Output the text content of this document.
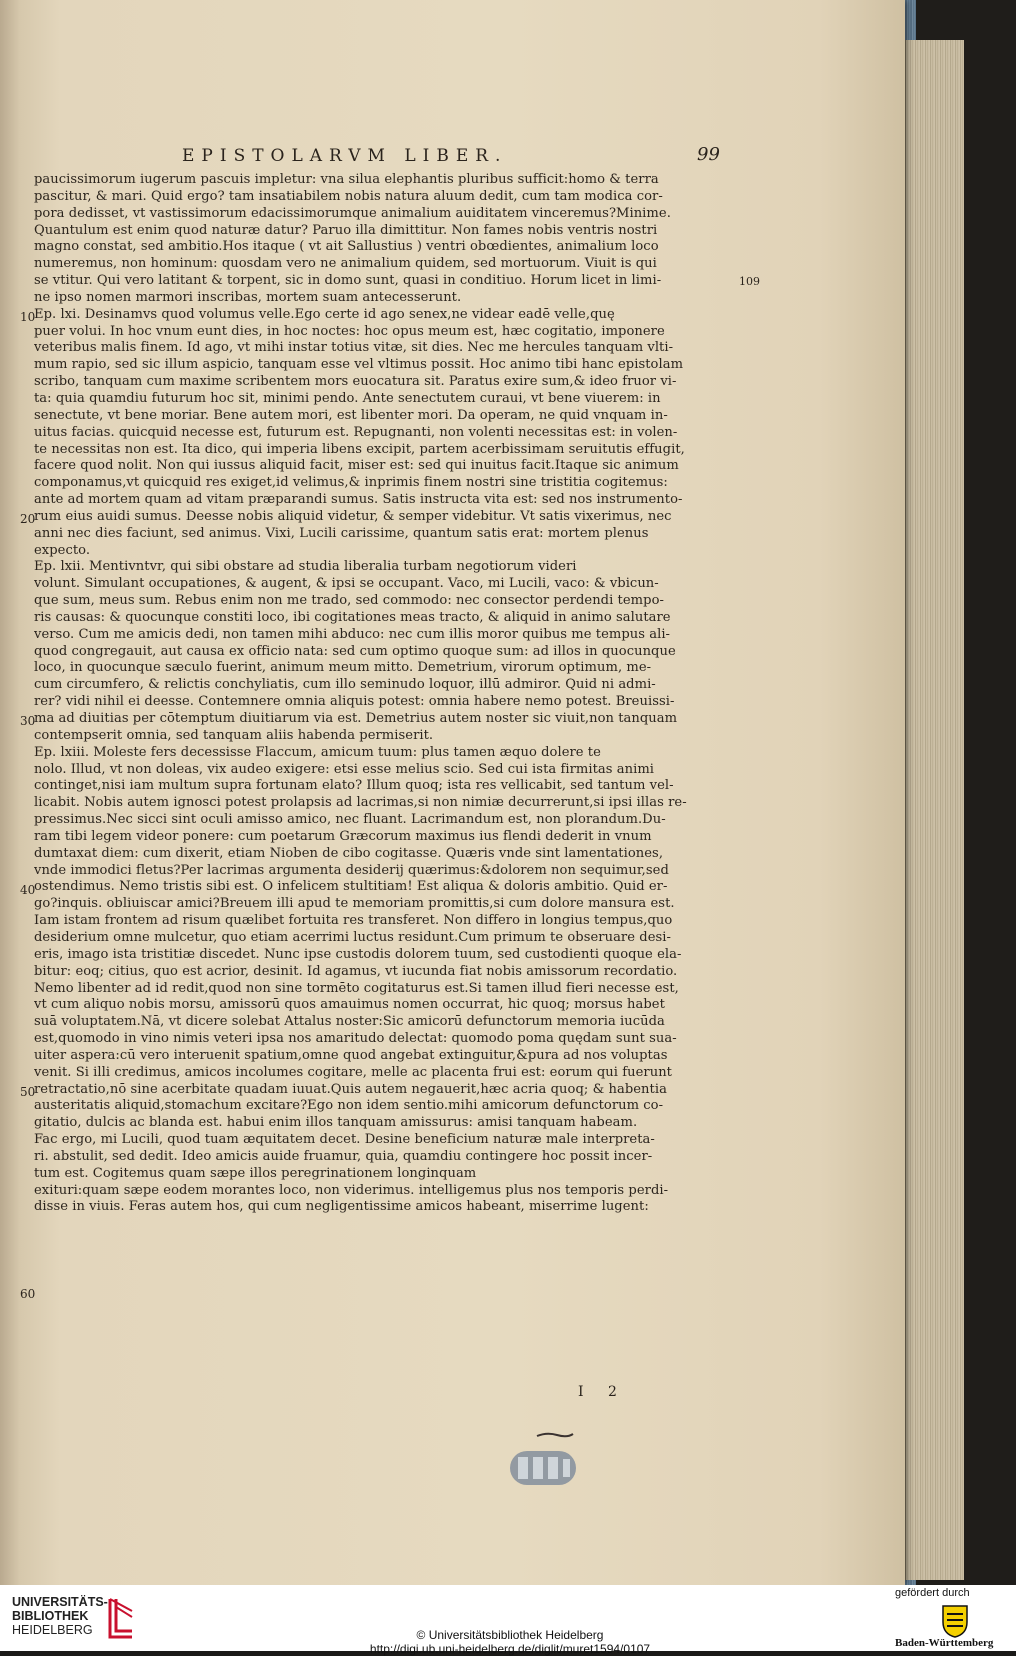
EPISTOLARVM LIBER.	99
10
20
30
40
50
60
109
paucissimorum iugerum pascuis impletur: vna silua elephantis pluribus sufficit:homo & terra
pascitur, & mari. Quid ergo? tam insatiabilem nobis natura aluum dedit, cum tam modica cor-
pora dedisset, vt vastissimorum edacissimorumque animalium auiditatem vinceremus?Minime.
Quantulum est enim quod naturæ datur? Paruo illa dimittitur. Non fames nobis ventris nostri
magno constat, sed ambitio.Hos itaque ( vt ait Sallustius ) ventri obœdientes, animalium loco
numeremus, non hominum: quosdam vero ne animalium quidem, sed mortuorum. Viuit is qui
se vtitur. Qui vero latitant & torpent, sic in domo sunt, quasi in conditiuo. Horum licet in limi-
ne ipso nomen marmori inscribas, mortem suam antecesserunt.
Ep. lxi. Desinamvs quod volumus velle.Ego certe id ago senex,ne videar eadē velle,quę
puer volui. In hoc vnum eunt dies, in hoc noctes: hoc opus meum est, hæc cogitatio, imponere
veteribus malis finem. Id ago, vt mihi instar totius vitæ, sit dies. Nec me hercules tanquam vlti-
mum rapio, sed sic illum aspicio, tanquam esse vel vltimus possit. Hoc animo tibi hanc epistolam
scribo, tanquam cum maxime scribentem mors euocatura sit. Paratus exire sum,& ideo fruor vi-
ta: quia quamdiu futurum hoc sit, minimi pendo. Ante senectutem curaui, vt bene viuerem: in
senectute, vt bene moriar. Bene autem mori, est libenter mori. Da operam, ne quid vnquam in-
uitus facias. quicquid necesse est, futurum est. Repugnanti, non volenti necessitas est: in volen-
te necessitas non est. Ita dico, qui imperia libens excipit, partem acerbissimam seruitutis effugit,
facere quod nolit. Non qui iussus aliquid facit, miser est: sed qui inuitus facit.Itaque sic animum
componamus,vt quicquid res exiget,id velimus,& inprimis finem nostri sine tristitia cogitemus:
ante ad mortem quam ad vitam præparandi sumus. Satis instructa vita est: sed nos instrumento-
rum eius auidi sumus. Deesse nobis aliquid videtur, & semper videbitur. Vt satis vixerimus, nec
anni nec dies faciunt, sed animus. Vixi, Lucili carissime, quantum satis erat: mortem plenus
expecto.
Ep. lxii. Mentivntvr, qui sibi obstare ad studia liberalia turbam negotiorum videri
volunt. Simulant occupationes, & augent, & ipsi se occupant. Vaco, mi Lucili, vaco: & vbicun-
que sum, meus sum. Rebus enim non me trado, sed commodo: nec consector perdendi tempo-
ris causas: & quocunque constiti loco, ibi cogitationes meas tracto, & aliquid in animo salutare
verso. Cum me amicis dedi, non tamen mihi abduco: nec cum illis moror quibus me tempus ali-
quod congregauit, aut causa ex officio nata: sed cum optimo quoque sum: ad illos in quocunque
loco, in quocunque sæculo fuerint, animum meum mitto. Demetrium, virorum optimum, me-
cum circumfero, & relictis conchyliatis, cum illo seminudo loquor, illū admiror. Quid ni admi-
rer? vidi nihil ei deesse. Contemnere omnia aliquis potest: omnia habere nemo potest. Breuissi-
ma ad diuitias per cōtemptum diuitiarum via est. Demetrius autem noster sic viuit,non tanquam
contempserit omnia, sed tanquam aliis habenda permiserit.
Ep. lxiii. Moleste fers decessisse Flaccum, amicum tuum: plus tamen æquo dolere te
nolo. Illud, vt non doleas, vix audeo exigere: etsi esse melius scio. Sed cui ista firmitas animi
continget,nisi iam multum supra fortunam elato? Illum quoq; ista res vellicabit, sed tantum vel-
licabit. Nobis autem ignosci potest prolapsis ad lacrimas,si non nimiæ decurrerunt,si ipsi illas re-
pressimus.Nec sicci sint oculi amisso amico, nec fluant. Lacrimandum est, non plorandum.Du-
ram tibi legem videor ponere: cum poetarum Græcorum maximus ius flendi dederit in vnum
dumtaxat diem: cum dixerit, etiam Nioben de cibo cogitasse. Quæris vnde sint lamentationes,
vnde immodici fletus?Per lacrimas argumenta desiderij quærimus:&dolorem non sequimur,sed
ostendimus. Nemo tristis sibi est. O infelicem stultitiam! Est aliqua & doloris ambitio. Quid er-
go?inquis. obliuiscar amici?Breuem illi apud te memoriam promittis,si cum dolore mansura est.
Iam istam frontem ad risum quælibet fortuita res transferet. Non differo in longius tempus,quo
desiderium omne mulcetur, quo etiam acerrimi luctus residunt.Cum primum te obseruare desi-
eris, imago ista tristitiæ discedet. Nunc ipse custodis dolorem tuum, sed custodienti quoque ela-
bitur: eoq; citius, quo est acrior, desinit. Id agamus, vt iucunda fiat nobis amissorum recordatio.
Nemo libenter ad id redit,quod non sine tormēto cogitaturus est.Si tamen illud fieri necesse est,
vt cum aliquo nobis morsu, amissorū quos amauimus nomen occurrat, hic quoq; morsus habet
suā voluptatem.Nā, vt dicere solebat Attalus noster:Sic amicorū defunctorum memoria iucūda
est,quomodo in vino nimis veteri ipsa nos amaritudo delectat: quomodo poma quędam sunt sua-
uiter aspera:cū vero interuenit spatium,omne quod angebat extinguitur,&pura ad nos voluptas
venit. Si illi credimus, amicos incolumes cogitare, melle ac placenta frui est: eorum qui fuerunt
retractatio,nō sine acerbitate quadam iuuat.Quis autem negauerit,hæc acria quoq; & habentia
austeritatis aliquid,stomachum excitare?Ego non idem sentio.mihi amicorum defunctorum co-
gitatio, dulcis ac blanda est. habui enim illos tanquam amissurus: amisi tanquam habeam.
Fac ergo, mi Lucili, quod tuam æquitatem decet. Desine beneficium naturæ male interpreta-
ri. abstulit, sed dedit. Ideo amicis auide fruamur, quia, quamdiu contingere hoc possit incer-
tum est. Cogitemus quam sæpe illos peregrinationem longinquam
exituri:quam sæpe eodem morantes loco, non viderimus. intelligemus plus nos temporis perdi-
disse in viuis. Feras autem hos, qui cum negligentissime amicos habeant, miserrime lugent:
I 2
UNIVERSITÄTS-
BIBLIOTHEK
HEIDELBERG	© Universitätsbibliothek Heidelberg
http://digi.ub.uni-heidelberg.de/diglit/muret1594/0107
gefördert durch
Baden-Württemberg
